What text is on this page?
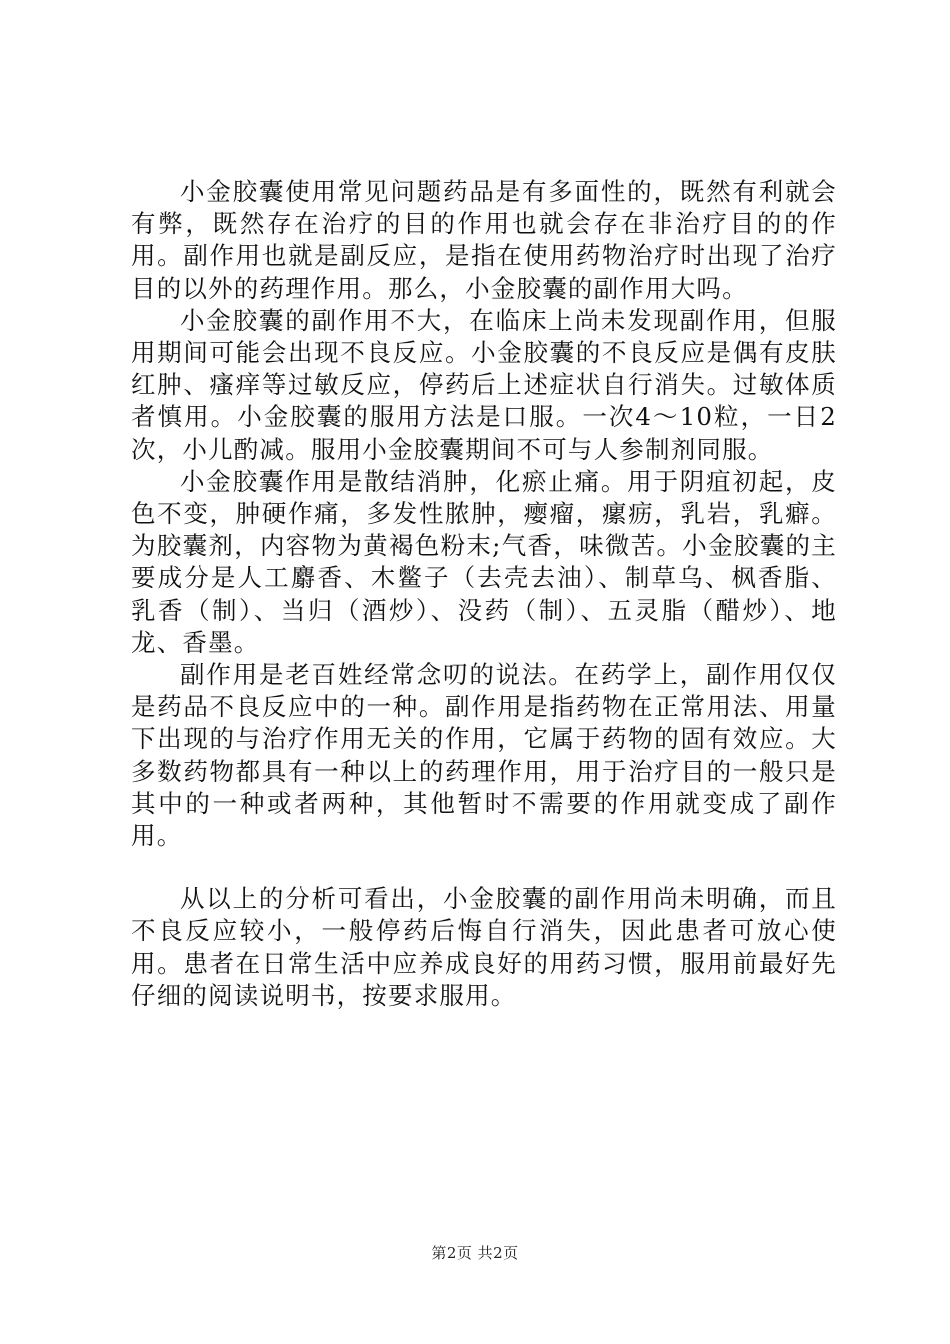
小金胶囊使用常见问题药品是有多面性的，既然有利就会有弊，既然存在治疗的目的作用也就会存在非治疗目的的作用。副作用也就是副反应，是指在使用药物治疗时出现了治疗目的以外的药理作用。那么，小金胶囊的副作用大吗。

小金胶囊的副作用不大，在临床上尚未发现副作用，但服用期间可能会出现不良反应。小金胶囊的不良反应是偶有皮肤红肿、瘙痒等过敏反应，停药后上述症状自行消失。过敏体质者慎用。小金胶囊的服用方法是口服。一次4～10粒，一日2次，小儿酌减。服用小金胶囊期间不可与人参制剂同服。

小金胶囊作用是散结消肿，化瘀止痛。用于阴疽初起，皮色不变，肿硬作痛，多发性脓肿，瘿瘤，瘰疬，乳岩，乳癖。为胶囊剂，内容物为黄褐色粉末;气香，味微苦。小金胶囊的主要成分是人工麝香、木鳖子（去壳去油）、制草乌、枫香脂、乳香（制）、当归（酒炒）、没药（制）、五灵脂（醋炒）、地龙、香墨。

副作用是老百姓经常念叨的说法。在药学上，副作用仅仅是药品不良反应中的一种。副作用是指药物在正常用法、用量下出现的与治疗作用无关的作用，它属于药物的固有效应。大多数药物都具有一种以上的药理作用，用于治疗目的一般只是其中的一种或者两种，其他暂时不需要的作用就变成了副作用。

从以上的分析可看出，小金胶囊的副作用尚未明确，而且不良反应较小，一般停药后悔自行消失，因此患者可放心使用。患者在日常生活中应养成良好的用药习惯，服用前最好先仔细的阅读说明书，按要求服用。

第2页 共2页
